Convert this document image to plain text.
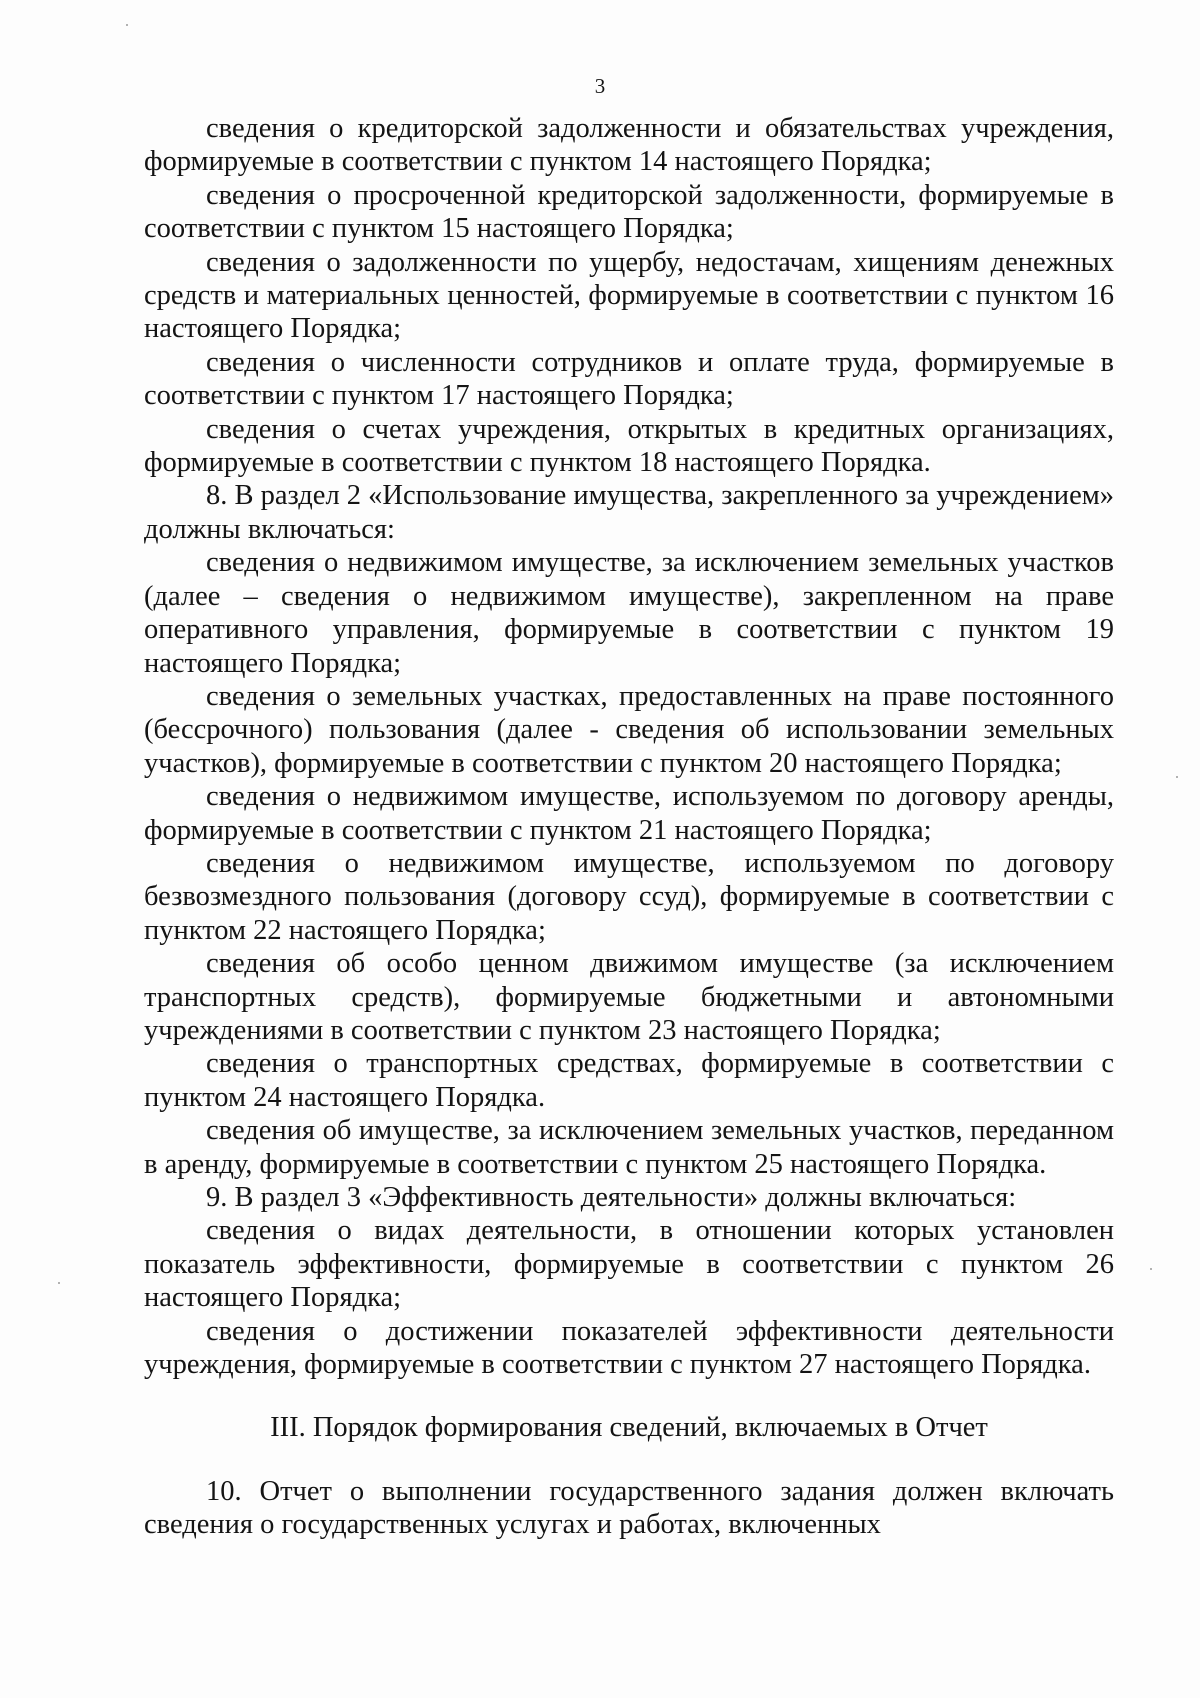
3

сведения о кредиторской задолженности и обязательствах учреждения, формируемые в соответствии с пунктом 14 настоящего Порядка;

сведения о просроченной кредиторской задолженности, формируемые в соответствии с пунктом 15 настоящего Порядка;

сведения о задолженности по ущербу, недостачам, хищениям денежных средств и материальных ценностей, формируемые в соответствии с пунктом 16 настоящего Порядка;

сведения о численности сотрудников и оплате труда, формируемые в соответствии с пунктом 17 настоящего Порядка;

сведения о счетах учреждения, открытых в кредитных организациях, формируемые в соответствии с пунктом 18 настоящего Порядка.

8. В раздел 2 «Использование имущества, закрепленного за учреждением» должны включаться:

сведения о недвижимом имуществе, за исключением земельных участков (далее – сведения о недвижимом имуществе), закрепленном на праве оперативного управления, формируемые в соответствии с пунктом 19 настоящего Порядка;

сведения о земельных участках, предоставленных на праве постоянного (бессрочного) пользования (далее - сведения об использовании земельных участков), формируемые в соответствии с пунктом 20 настоящего Порядка;

сведения о недвижимом имуществе, используемом по договору аренды, формируемые в соответствии с пунктом 21 настоящего Порядка;

сведения о недвижимом имуществе, используемом по договору безвозмездного пользования (договору ссуд), формируемые в соответствии с пунктом 22 настоящего Порядка;

сведения об особо ценном движимом имуществе (за исключением транспортных средств), формируемые бюджетными и автономными учреждениями в соответствии с пунктом 23 настоящего Порядка;

сведения о транспортных средствах, формируемые в соответствии с пунктом 24 настоящего Порядка.

сведения об имуществе, за исключением земельных участков, переданном в аренду, формируемые в соответствии с пунктом 25 настоящего Порядка.

9. В раздел 3 «Эффективность деятельности» должны включаться:

сведения о видах деятельности, в отношении которых установлен показатель эффективности, формируемые в соответствии с пунктом 26 настоящего Порядка;

сведения о достижении показателей эффективности деятельности учреждения, формируемые в соответствии с пунктом 27 настоящего Порядка.

III. Порядок формирования сведений, включаемых в Отчет

10. Отчет о выполнении государственного задания должен включать сведения о государственных услугах и работах, включенных
